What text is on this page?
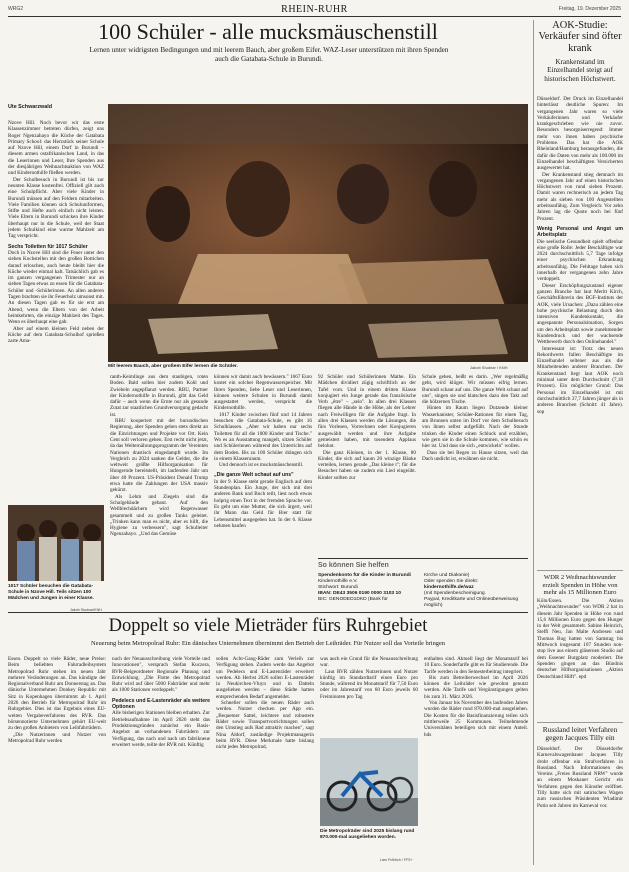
WRG2	RHEIN-RUHR	Freitag, 19. Dezember 2025
100 Schüler - alle mucksmäuschenstill
Lernen unter widrigsten Bedingungen und mit leerem Bauch, aber großem Eifer. WAZ-Leser unterstützen mit ihren Spenden auch die Gatabata-Schule in Burundi.
Mit leerem Bauch, aber großem Eifer lernen die Schüler.	Jakob Studnar / KNH
Ute Schwarzwald

Nzove Hill. Noch bevor wir das erste Klassenzimmer betreten dürfen, zeigt uns Roger Ngenzahayo die Küche der Gatabata Primary School: das Herzstück seiner Schule auf Nzove Hill, einem Dorf in Burundi – diesem armen ostafrikanischen Land, in das die Leserinnen und Leser, Ihre Spenden aus der diesjährigen Weihnachtsaktion von WAZ und Kindernothilfe fließen werden.

Der Schulbesuch in Burundi ist bis zur neunten Klasse kostenfrei. Offiziell gilt auch eine Schulpflicht. Aber viele Kinder in Burundi müssen auf den Feldern mitarbeiten. Viele Familien können sich Schuluniformen, Stifte und Hefte auch einfach nicht leisten. Viele Eltern in Burundi schicken ihre Kinder überhaupt nur in die Schule, weil der Staat jedem Schulkind eine warme Mahlzeit am Tag verspricht.

Sechs Toiletten für 1017 Schüler

Doch in Nzove Hill sind die Feuer unter den sieben Kochstellen mit den großen Bottichen darauf erloschen, auch heute bleibt hier die Küche wieder einmal kalt. Tatsächlich gab es im ganzen vergangenen Trimester nur an sieben Tagen etwas zu essen für die Gatabata-Schüler und -Schülerinnen. An allen anderen Tagen brachten sie ihr Feuerholz umsonst mit. An diesen Tagen gab es für sie erst am Abend, wenn die Eltern von der Arbeit heimkehrten, die einzige Mahlzeit des Tages. Wenn es überhaupt eine gab.

Aber auf einem kleinen Feld neben der Küche auf dem Gatabata-Schulhof sprießen zarte Ama-

1017 Schüler besuchen die Gatabata-Schule in Nzove Hill. Teils sitzen 100 Mädchen und Jungen in einer Klasse.
Jakob Studnar/KNH

ranth-Keimlinge aus dem staubigen, roten Boden. Bald sollen hier zudem Kohl und Zwiebeln angepflanzt werden. RBU, Partner der Kindernothilfe in Burundi, gibt das Geld dafür – auch wenn die Ernte nur als gesunde Zutat zur staatlichen Grundversorgung gedacht ist.

RBU kooperiert mit der burundischen Regierung, aber Spenden gehen stets direkt an die Einrichtungen und Projekte vor Ort. Kein Cent soll verloren gehen. Erst recht nicht jetzt, da das Welternährungsprogramm der Vereinten Nationen drastisch eingedampft wurde. Im Vergleich zu 2024 sanken die Gelder, die die weltweit größte Hilfsorganisation für Hungernde bereitstellt, im laufenden Jahr um über 40 Prozent. US-Präsident Donald Trump etwa hatte die Zahlungen der USA massiv gekürzt.

Als Lehm und Ziegeln sind die Schulgebäude gebaut. Auf den Wellblechdächern wird Regenwasser gesammelt und zu großen Tanks geleitet. „Trinken kann man es nicht, aber es hilft, die Hygiene zu verbessern", sagt Schulleiter Ngenzahayo. „Und das Gemüse

können wir damit auch bewässern." 1667 Euro kostet ein solcher Regenwasserspeicher. Mit Ihren Spenden, liebe Leser und Leserinnen, können weitere Schulen in Burundi damit ausgestattet werden, verspricht die Kindernothilfe.

1017 Kinder zwischen fünf und 14 Jahren besuchen die Gatabata-Schule, es gibt 16 Schulklassen. „Aber wir haben nur sechs Toiletten für all die 1000 Kinder und Tische." Wo es an Ausstattung mangelt, sitzen Schüler und Schülerinnen während des Unterrichts auf dem Boden. Bis zu 100 Schüler drängen sich in einem Klassenraum.

Und dennoch ist es mucksmäuschenstill.

„Die ganze Welt schaut auf uns"

In der 9. Klasse steht gerade Englisch auf dem Stundenplan. Ein Junge, der sich mit drei anderen Bank und Buch teilt, liest noch etwas holprig einen Text in der fremden Sprache vor. Es geht um eine Mutter, die sich ärgert, weil ihr Mann das Geld für Bier statt für Lebensmittel ausgegeben hat. In der 6. Klasse nehmen haufen

92 Schüler und Schülerinnen Mathe. Ein Mädchen dividiert zügig schriftlich an der Tafel vorn. Und in einem dritten Klasse konjugiert ein Junge gerade das französische Verb „être" – „sein". In allen drei Klassen fliegen alle Hände in die Höhe, als der Lehrer nach Freiwilligen für die Aufgabe fragt. In allen drei Klassen werden die Lösungen, die fürs Vorlesen, Vorrechnen oder Konjugieren ausgewählt werden und ihre Aufgabe gemeistert haben, mit tosendem Applaus belohnt.

Die ganz Kleinen, in der 1. Klasse, 80 Kinder, die sich auf kaum 20 winzige Bänke verteilen, lernen gerade „Das kleine t"; für die Besucher haben sie zudem ein Lied eingeübt. Kinder sollten zur

Schule gehen, heißt es darin. „Wer regelmäßig geht, wird klüger. Wir müssen eifrig lernen. Burundi schaut auf uns. Die ganze Welt schaut auf uns", singen sie und klatschen dazu den Takt auf die hölzernen Tische.

Hinten im Raum liegen Dutzende kleiner Wasserkanister, Schüler-Rationen für einen Tag, am Brunnen unten im Dorf vor dem Schulbesuch von ihnen selbst aufgefüllt. Nach der Stunde trinken die Kinder einen Schluck und erzählen, wie gern sie in die Schule kommen, wie schön es hier ist. Und dass sie sich „entwickeln" wollen.

Dass sie bei Regen zu Hause sitzen, weil das Dach undicht ist, erwähnen sie nicht.

So können Sie helfen
Spendenkonto für die Kinder in Burundi
Kindernothilfe e.V.
Stichwort: Burundi
IBAN: DE43 3506 0190 0000 3103 10
BIC: GENODED1DKD (Bank für
Kirche und Diakonie)
Oder spenden Sie direkt:
kindernothilfe.de/waz
(mit Spendenbescheinigung.
Paypal, Kreditkarte und Onlineüberweisung möglich)
AOK-Studie: Verkäufer sind öfter krank
Krankenstand im Einzelhandel steigt auf historischen Höchstwert.

Düsseldorf. Der Druck im Einzelhandel hinterlässt deutliche Spuren: Im vergangenen Jahr waren so viele Verkäuferinnen und Verkäufer krankgeschrieben wie nie zuvor. Besonders besorgniserregend: Immer mehr von ihnen haben psychische Probleme. Das hat die AOK Rheinland/Hamburg herausgefunden, die dafür die Daten von mehr als 100.000 im Einzelhandel beschäftigten Versicherten ausgewertet hat.

Der Krankenstand stieg demnach im vergangenen Jahr auf einen historischen Höchstwert von rund sieben Prozent. Damit waren rechnerisch an jedem Tag mehr als sieben von 100 Angestellten arbeitsunfähig. Zum Vergleich: Vor zehn Jahren lag die Quote noch bei fünf Prozent.

Wenig Personal und Angst um Arbeitsplatz

Die seelische Gesundheit spielt offenbar eine große Rolle: Jeder Beschäftigte war 2024 durchschnittlich 5,7 Tage infolge einer psychischen Erkrankung arbeitsunfähig. Die Fehltage haben sich innerhalb der vergangenen zehn Jahre verdoppelt.

Dieser Erschöpfungszustand eigener ganzen Branche hat laut Meritt Kirch, Geschäftsführerin des BGF-Instituts der AOK, viele Ursachen: „Dazu zählen eine hohe psychische Belastung durch den intensiven Kundenkontakt, die angespannte Personalsituation, Sorgen um den Arbeitsplatz sowie zunehmender Kundendruck und der wachsende Wettbewerb durch den Onlinehandel."

Interessant ist: Trotz des neuen Rekordwerts fallen Beschäftigte im Einzelhandel seltener aus als die Mitarbeitenden anderer Branchen. Der Krankenstand liegt laut AOK noch minimal unter dem Durchschnitt (7,18 Prozent). Ein möglicher Grund: Das Personal im Einzelhandel ist mit durchschnittlich 37,7 Jahren jünger als in anderen Branchen (Schnitt: 41 Jahre). sop

WDR 2 Weihnachtswunder erzielt Spenden in Höhe von mehr als 15 Millionen Euro

Köln/Essen. Die Aktion „Weihnachtswunder" von WDR 2 hat in diesem Jahr Spenden in Höhe von rund 15,6 Millionen Euro gegen den Hunger in der Welt gesammelt. Sabine Heinrich, Steffi Neu, Jan Malte Andresen und Thomas Bug hatten von Samstag bis Mittwoch insgesamt 107 Stunden non-stop live aus einem gläsernen Studio auf dem Essener Burgplatz moderiert. Die Spenden gingen an das Bündnis deutscher Hilfsorganisationen „Aktion Deutschland Hilft". epd

Russland leitet Verfahren gegen Jacques Tilly ein

Düsseldorf. Der Düsseldorfer Karnevalswagenbauer Jacques Tilly droht offenbar ein Strafverfahren in Russland. Nach Informationen des Vereins „Freies Russland NRW" wurde an einem Moskauer Gericht ein Verfahren gegen den Künstler eröffnet. Tilly hatte sich mit satirischen Wagen zum russischen Präsidenten Wladimir Putin seit Jahren im Karneval vor.

Doppelt so viele Mieträder fürs Ruhrgebiet
Neuerung beim Metropolrad Ruhr: Ein dänisches Unternehmen übernimmt den Betrieb der Leihräder. Für Nutzer soll das Vorteile bringen

Essen. Doppelt so viele Räder, neue Preise: Beim beliebten Fahrradleihsystem Metropolrad Ruhr stehen im neuen Jahr mehrere Veränderungen an. Das kündigte der Regionalverband Ruhr am Donnerstag an. Das dänische Unternehmen Donkey Republic mit Sitz in Kopenhagen übernimmt ab 1. April 2026 den Betrieb für Metropolrad Ruhr im Ruhrgebiet. Dies ist das Ergebnis eines EU-weiten Vergabeverfahrens des RVR. Das börsennotierte Unternehmen gehört EU-weit zu den großen Anbietern von Leihfahrrädern.

„Die Nutzerinnen und Nutzer von Metropolrad Ruhr werden

nach der Neuausschreibung viele Vorteile und Innovationen", versprach Stefan Kuczera, RVR-Beigeordneter Regionale Planung und Entwicklung. „Die Flotte des Metropolrad Ruhr wird auf über 5000 Fahrräder und mehr als 1000 Stationen verdoppelt."

Pedelecs und E-Lastenräder als weitere Optionen

Alle bisherigen Stationen bleiben erhalten. Zur Betriebsaufnahme im April 2026 steht das Produktionsgründen zunächst ein Basis-Angebot an vorhandenen Fahrrädern zur Verfügung, das nach und nach um fabrikneue erweitert werde, teilte der RVR mit. Künftig

sollen Acht-Gang-Räder zum Verleih zur Verfügung stehen. Zudem werde das Angebot um Pedelecs und E-Lastenräder erweitert werden. Ab Herbst 2026 sollen E-Lastenräder in Neukirchen-Vluyn und in Datteln ausgeliehen werden – diese Städte hatten entsprechenden Bedarf angemeldet.

Schneller sollen die neuen Räder auch werden. Nutzer checken per App ein. „Bequemer Sattel, leichtere und robustere Räder sowie Transportvorrichtungen sollen den Umstieg aufs Rad attraktiv machen", sagt Nina Aldorf, zuständige Projektmanagerin beim RVR. Diese Merkmale hatte bislang nicht jedes Metropolrad,

was auch ein Grund für die Neuausschreibung war.

Laut RVR zählen Nutzerinnen und Nutzer künftig im Standardtarif einen Euro pro Stunde, während im Monatstarif für 7,50 Euro oder im Jahrestarif von 60 Euro jeweils 60 Freiminuten pro Tag

Die Metropolräder sind 2025 bislang rund 870.000-mal ausgeliehen worden.
Lars Fröhlich / FFS+

enthalten sind. Aktuell liegt der Monatstarif bei 10 Euro. Sonderfarife gibt es für Studierende. Die Tarife werden in den Semesterbeitrag integriert.

Bis zum Betreiberwechsel im April 2026 können die Leihräder wie gewohnt genutzt werden. Alle Tarife und Vergünstigungen gelten bis zum 31. März 2026.

Von Januar bis November des laufenden Jahres wurden die Räder rund 870.000-mal ausgeliehen. Die Kosten für die Basisfinanzierung teilen sich mittlerweile 25 Kommunen. Teilnehmende Universitäten beteiligen sich mit einem Anteil. hds
